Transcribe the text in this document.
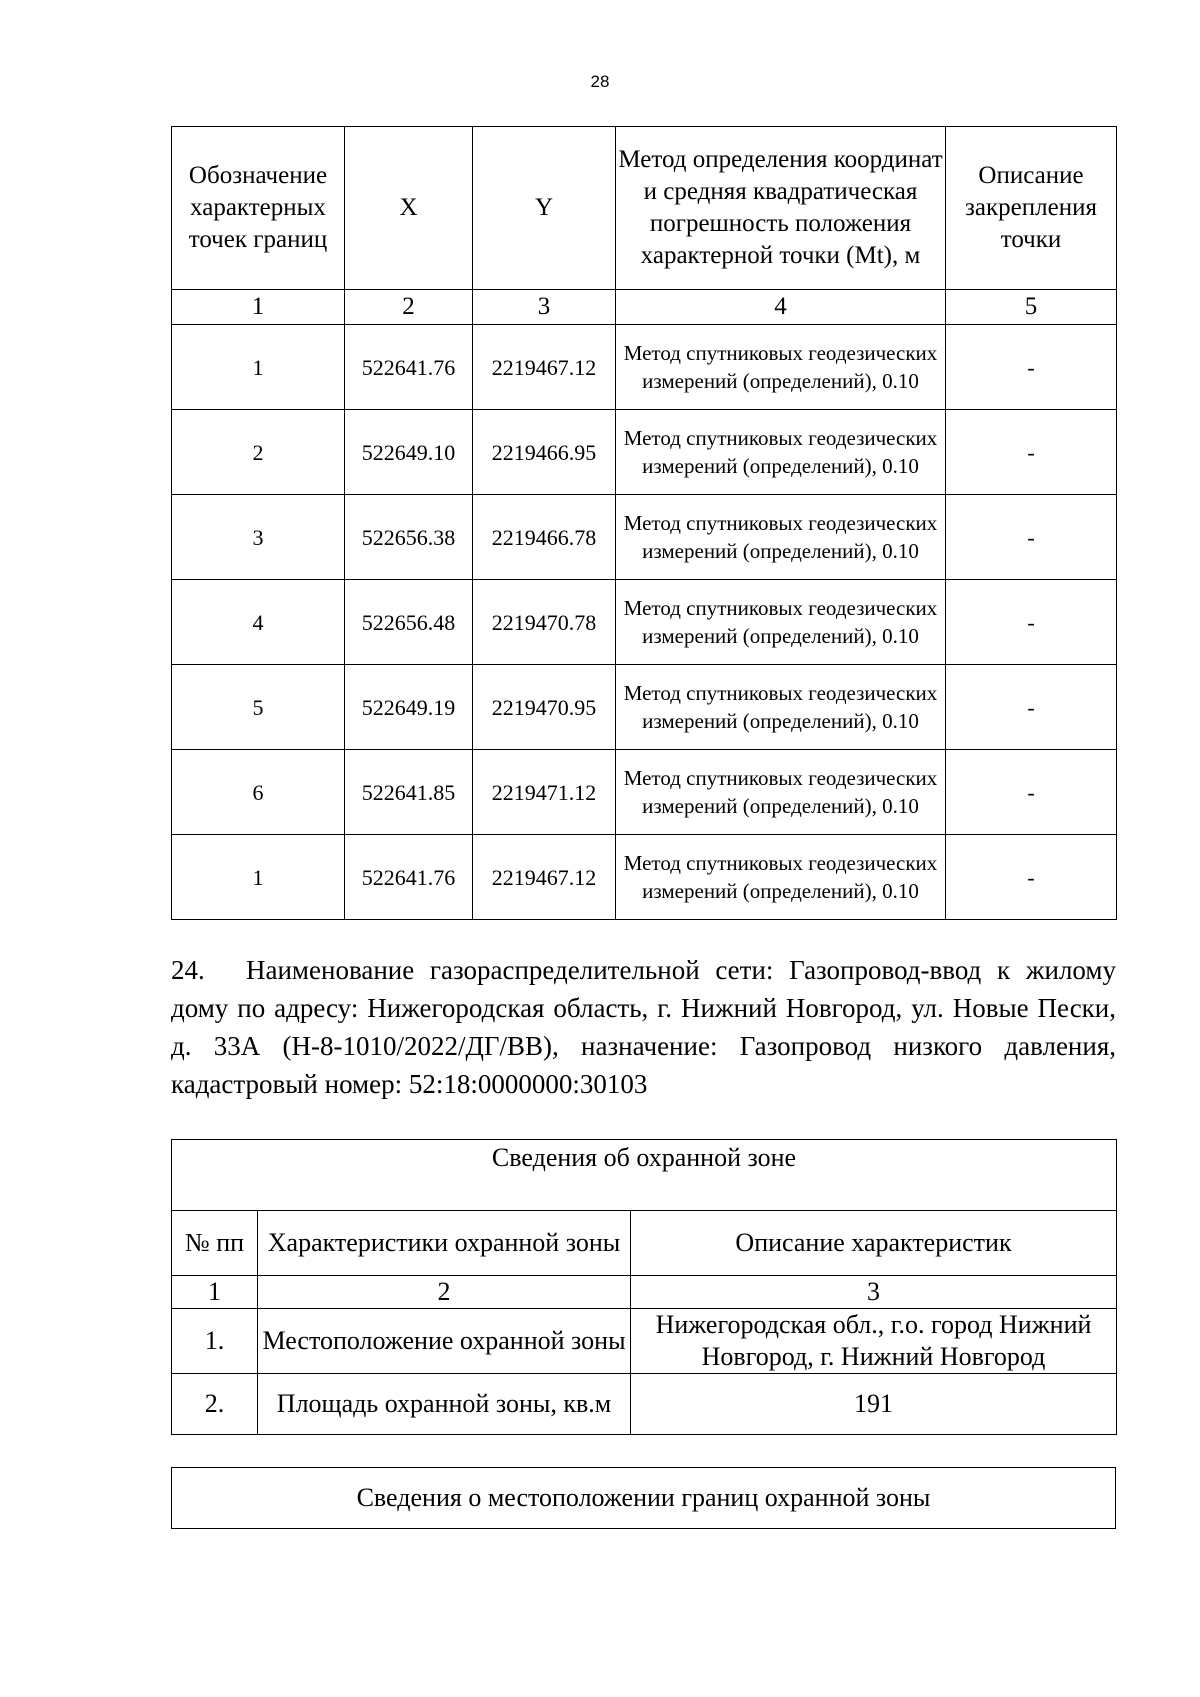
28
Обозначение характерных точек границ	X	Y	Метод определения координат и средняя квадратическая погрешность положения характерной точки (Mt), м	Описание закрепления точки
1	2	3	4	5
1	522641.76	2219467.12	Метод спутниковых геодезических измерений (определений), 0.10	-
2	522649.10	2219466.95	Метод спутниковых геодезических измерений (определений), 0.10	-
3	522656.38	2219466.78	Метод спутниковых геодезических измерений (определений), 0.10	-
4	522656.48	2219470.78	Метод спутниковых геодезических измерений (определений), 0.10	-
5	522649.19	2219470.95	Метод спутниковых геодезических измерений (определений), 0.10	-
6	522641.85	2219471.12	Метод спутниковых геодезических измерений (определений), 0.10	-
1	522641.76	2219467.12	Метод спутниковых геодезических измерений (определений), 0.10	-

24. Наименование газораспределительной сети: Газопровод-ввод к жилому дому по адресу: Нижегородская область, г. Нижний Новгород, ул. Новые Пески, д. 33А (Н-8-1010/2022/ДГ/ВВ), назначение: Газопровод низкого давления, кадастровый номер: 52:18:0000000:30103

Сведения об охранной зоне		
№ пп	Характеристики охранной зоны	Описание характеристик
1	2	3
1.	Местоположение охранной зоны	Нижегородская обл., г.о. город Нижний Новгород, г. Нижний Новгород
2.	Площадь охранной зоны, кв.м	191
Сведения о местоположении границ охранной зоны
